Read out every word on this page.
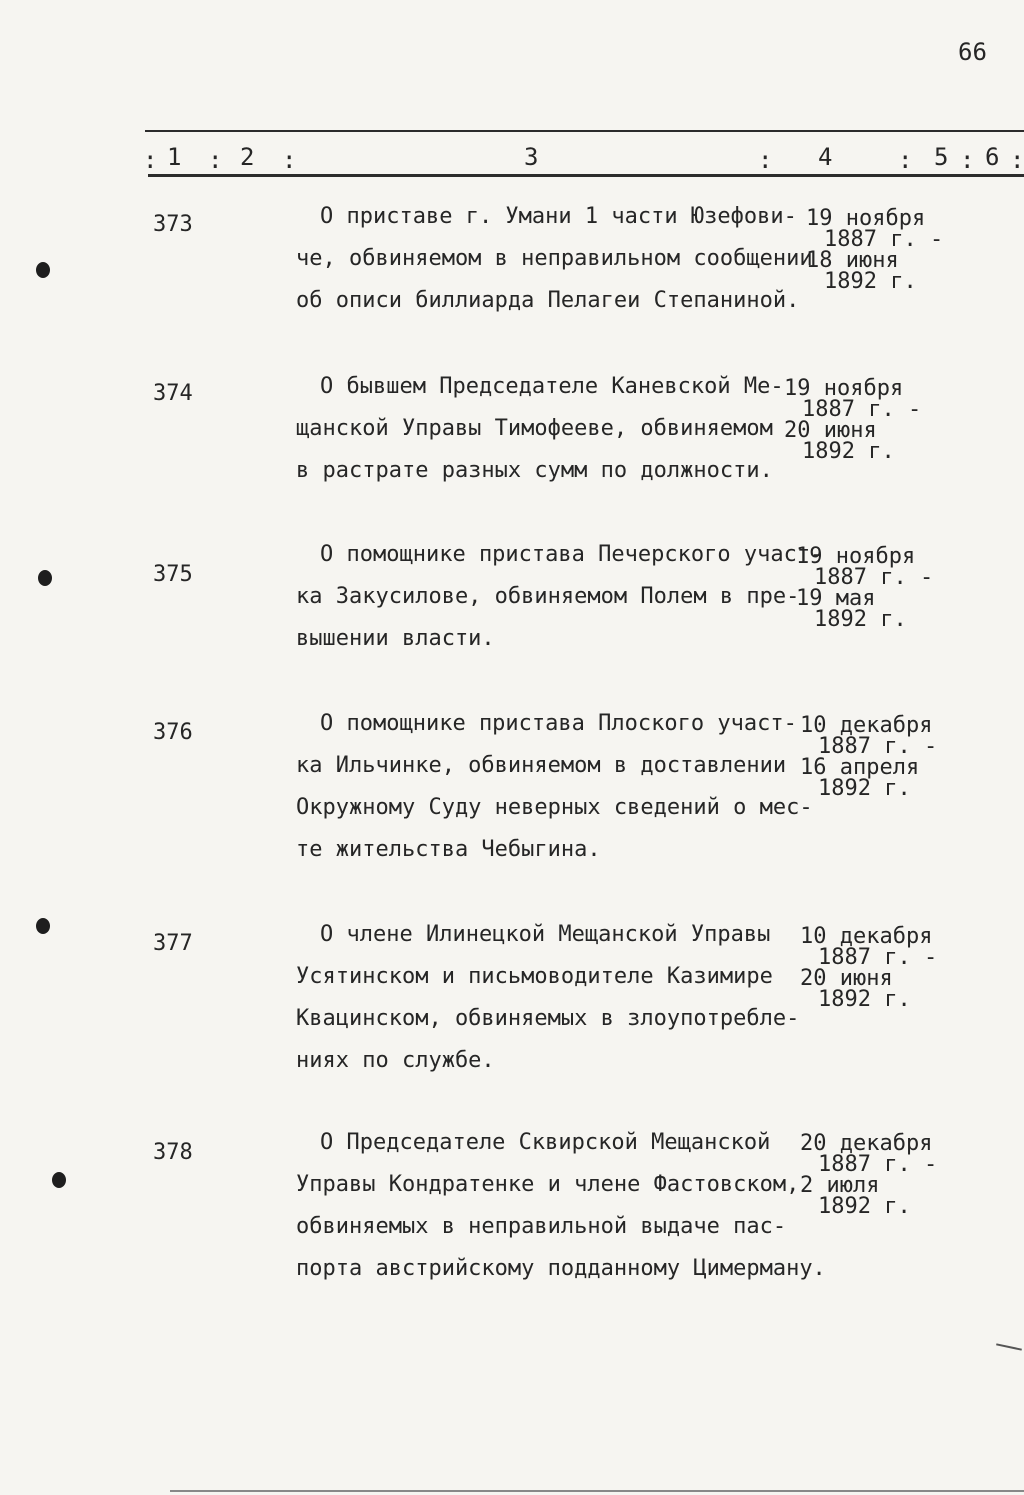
66
: 1 : 2 :	3	: 4	: 5 : 6 :
373	О приставе г. Умани 1 части Юзефови-
че, обвиняемом в неправильном сообщении
об описи биллиарда Пелагеи Степаниной.
19 ноября
1887 г. -
18 июня
1892 г.
374	О бывшем Председателе Каневской Ме-
щанской Управы Тимофееве, обвиняемом
в растрате разных сумм по должности.
19 ноября
1887 г. -
20 июня
1892 г.
375
О помощнике пристава Печерского участ-
ка Закусилове, обвиняемом Полем в пре-
вышении власти.
19 ноября
1887 г. -
19 мая
1892 г.
376	О помощнике пристава Плоского участ-
ка Ильчинке, обвиняемом в доставлении
Окружному Суду неверных сведений о мес-
те жительства Чебыгина.
10 декабря
1887 г. -
16 апреля
1892 г.
377	О члене Илинецкой Мещанской Управы
Усятинском и письмоводителе Казимире
Квацинском, обвиняемых в злоупотребле-
ниях по службе.
10 декабря
1887 г. -
20 июня
1892 г.
378	О Председателе Сквирской Мещанской
Управы Кондратенке и члене Фастовском,
обвиняемых в неправильной выдаче пас-
порта австрийскому подданному Цимерману.
20 декабря
1887 г. -
2 июля
1892 г.
